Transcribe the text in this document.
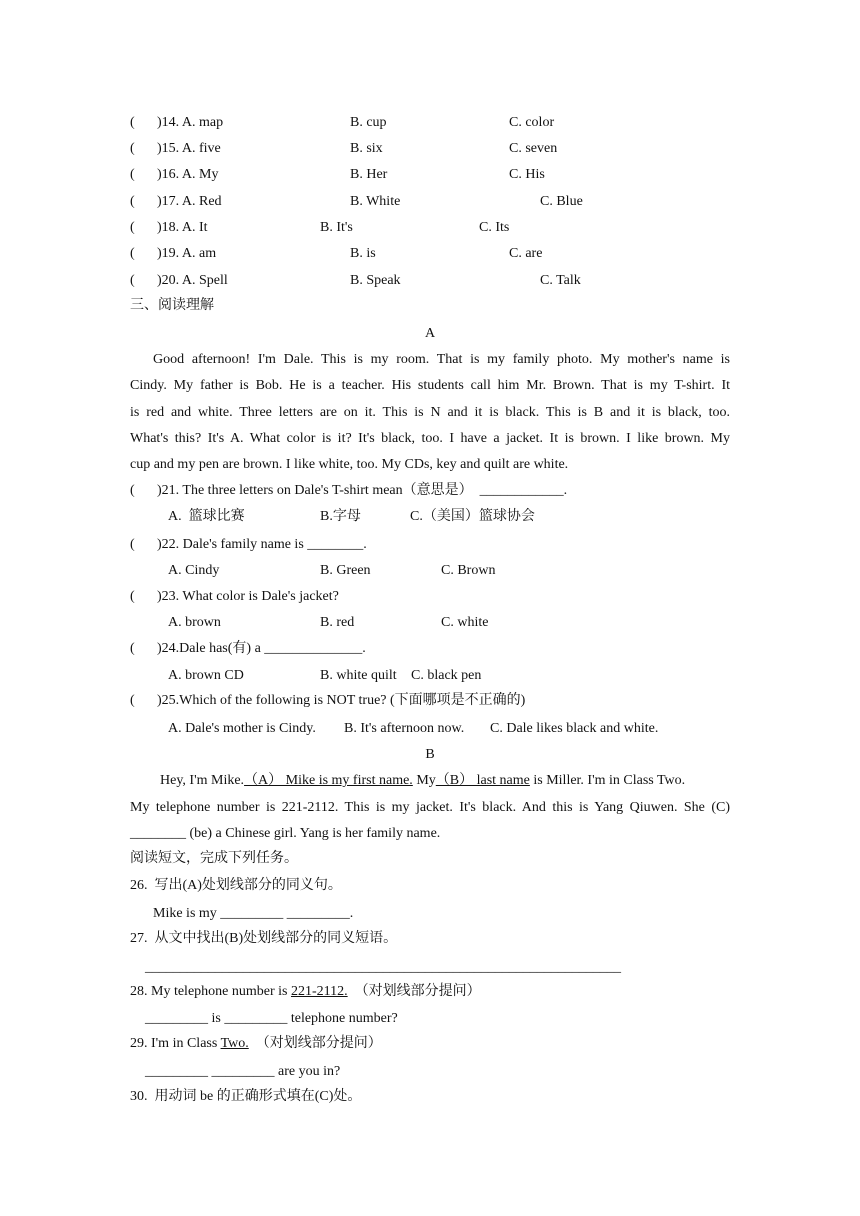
( )14. A. map	B. cup	C. color
( )15. A. five	B. six	C. seven
( )16. A. My	B. Her	C. His
( )17. A. Red	B. White	C. Blue
( )18. A. It	B. It's	C. Its
( )19. A. am	B. is	C. are
( )20. A. Spell	B. Speak	C. Talk
三、阅读理解
A
Good afternoon! I'm Dale. This is my room. That is my family photo. My mother's name is
Cindy. My father is Bob. He is a teacher. His students call him Mr. Brown. That is my T-shirt. It
is red and white. Three letters are on it. This is N and it is black. This is B and it is black, too.
What's this? It's A. What color is it? It's black, too. I have a jacket. It is brown. I like brown. My
cup and my pen are brown. I like white, too. My CDs, key and quilt are white.
( )21. The three letters on Dale's T-shirt mean（意思是）  ____________.
A.  篮球比赛	B.字母	C.（美国）篮球协会
( )22. Dale's family name is ________.
A. Cindy	B. Green	C. Brown
( )23. What color is Dale's jacket?
A. brown	B. red	C. white
( )24.Dale has(有) a ______________.
A. brown CD	B. white quilt C. black pen
( )25.Which of the following is NOT true? (下面哪项是不正确的)
A. Dale's mother is Cindy. B. It's afternoon now. C. Dale likes black and white.
B
Hey, I'm Mike.（A） Mike is my first name. My（B） last name is Miller. I'm in Class Two.
My telephone number is 221-2112. This is my jacket. It's black. And this is Yang Qiuwen. She (C)
________ (be) a Chinese girl. Yang is her family name.
阅读短文，完成下列任务。
26.  写出(A)处划线部分的同义句。
Mike is my _________ _________.
27.  从文中找出(B)处划线部分的同义短语。
____________________________________________________________________
28. My telephone number is 221-2112.  （对划线部分提问）
_________ is _________ telephone number?
29. I'm in Class Two.  （对划线部分提问）
_________ _________ are you in?
30.  用动词 be 的正确形式填在(C)处。
